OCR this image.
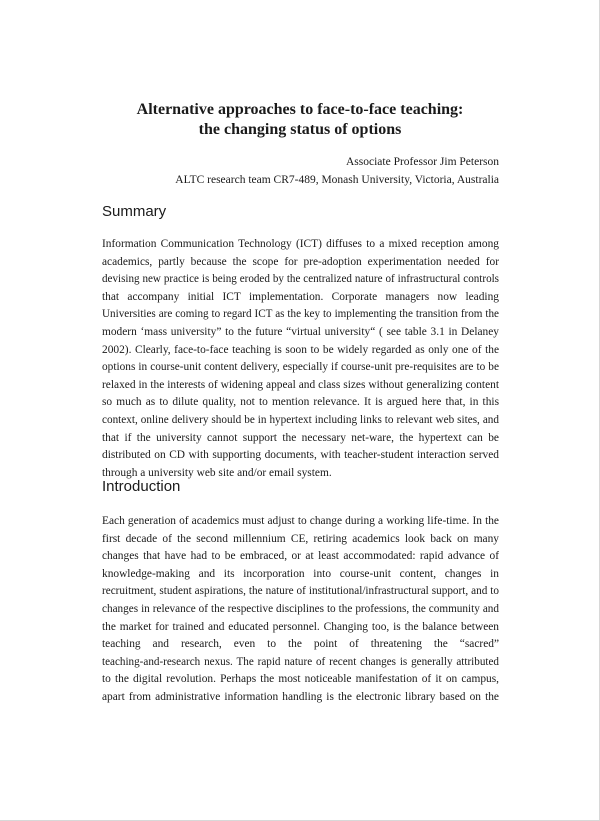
Alternative approaches to face-to-face teaching:
the changing status of options

Associate Professor Jim Peterson

ALTC research team CR7-489, Monash University, Victoria, Australia

Summary
Information Communication Technology (ICT) diffuses to a mixed reception among
academics, partly because the scope for pre-adoption experimentation needed for
devising new practice is being eroded by the centralized nature of infrastructural controls
that accompany initial ICT implementation. Corporate managers now leading
Universities are coming to regard ICT as the key to implementing the transition from the
modern ‘mass university” to the future “virtual university“ ( see table 3.1 in Delaney
2002). Clearly, face-to-face teaching is soon to be widely regarded as only one of the
options in course-unit content delivery, especially if course-unit pre-requisites are to be
relaxed in the interests of widening appeal and class sizes without generalizing content
so much as to dilute quality, not to mention relevance. It is argued here that, in this
context, online delivery should be in hypertext including links to relevant web sites, and
that if the university cannot support the necessary net-ware, the hypertext can be
distributed on CD with supporting documents, with teacher-student interaction served
through a university web site and/or email system.
Introduction
Each generation of academics must adjust to change during a working life-time. In the
first decade of the second millennium CE, retiring academics look back on many
changes that have had to be embraced, or at least accommodated: rapid advance of
knowledge-making and its incorporation into course-unit content, changes in
recruitment, student aspirations, the nature of institutional/infrastructural support, and to
changes in relevance of the respective disciplines to the professions, the community and
the market for trained and educated personnel. Changing too, is the balance between
teaching and research, even to the point of threatening the “sacred”
teaching-and-research nexus. The rapid nature of recent changes is generally attributed
to the digital revolution. Perhaps the most noticeable manifestation of it on campus,
apart from administrative information handling is the electronic library based on the
